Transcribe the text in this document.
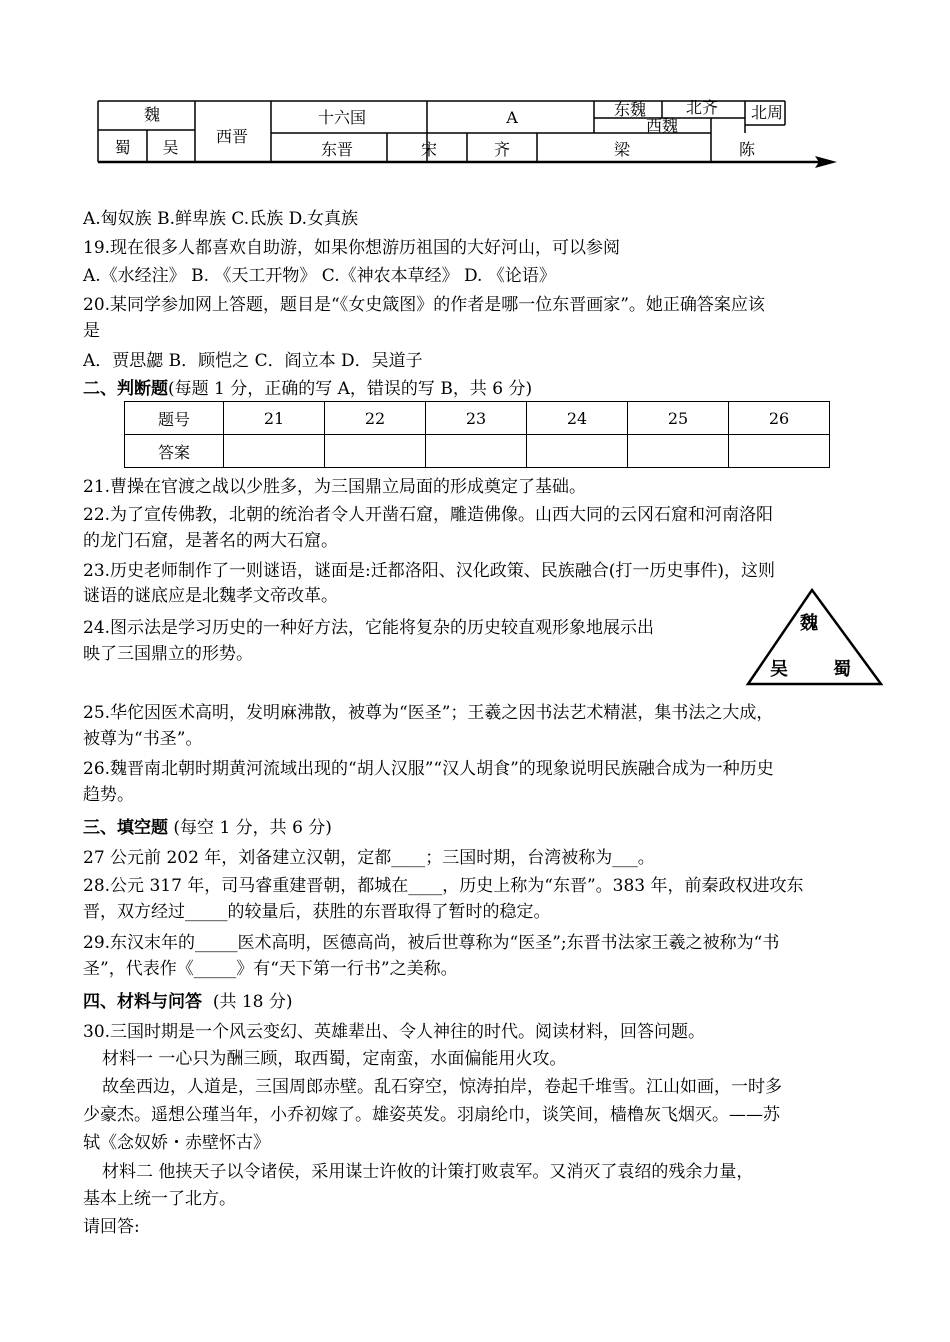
魏
西晋
十六国	A	东魏	北齐	北周
西魏
蜀	吴	东晋	宋	齐	梁	陈
A.匈奴族 B.鲜卑族 C.氐族 D.女真族
19.现在很多人都喜欢自助游，如果你想游历祖国的大好河山，可以参阅
A.《水经注》 B. 《天工开物》 C.《神农本草经》 D. 《论语》
20.某同学参加网上答题，题目是“《女史箴图》的作者是哪一位东晋画家”。她正确答案应该
是
A．贾思勰 B．顾恺之 C．阎立本 D．吴道子
二、判断题(每题 1 分，正确的写 A，错误的写 B，共 6 分)
题号	21	22	23	24	25	26
答案						
21.曹操在官渡之战以少胜多，为三国鼎立局面的形成奠定了基础。
22.为了宣传佛教，北朝的统治者令人开凿石窟，雕造佛像。山西大同的云冈石窟和河南洛阳
的龙门石窟，是著名的两大石窟。
23.历史老师制作了一则谜语，谜面是:迁都洛阳、汉化政策、民族融合(打一历史事件)，这则
谜语的谜底应是北魏孝文帝改革。
24.图示法是学习历史的一种好方法，它能将复杂的历史较直观形象地展示出
映了三国鼎立的形势。
魏
吴	蜀
25.华佗因医术高明，发明麻沸散，被尊为“医圣”；王羲之因书法艺术精湛，集书法之大成，
被尊为“书圣”。
26.魏晋南北朝时期黄河流域出现的“胡人汉服”“汉人胡食”的现象说明民族融合成为一种历史
趋势。
三、填空题 (每空 1 分，共 6 分)
27 公元前 202 年，刘备建立汉朝，定都____；三国时期，台湾被称为___。
28.公元 317 年，司马睿重建晋朝，都城在____，历史上称为“东晋”。383 年，前秦政权进攻东
晋，双方经过_____的较量后，获胜的东晋取得了暂时的稳定。
29.东汉末年的_____医术高明，医德高尚，被后世尊称为“医圣”;东晋书法家王羲之被称为“书
圣”，代表作《_____》有“天下第一行书”之美称。
四、材料与问答 (共 18 分)
30.三国时期是一个风云变幻、英雄辈出、令人神往的时代。阅读材料，回答问题。
材料一 一心只为酬三顾，取西蜀，定南蛮，水面偏能用火攻。
故垒西边，人道是，三国周郎赤壁。乱石穿空，惊涛拍岸，卷起千堆雪。江山如画，一时多
少豪杰。遥想公瑾当年，小乔初嫁了。雄姿英发。羽扇纶巾，谈笑间，樯橹灰飞烟灭。——苏
轼《念奴娇・赤壁怀古》
材料二 他挟天子以令诸侯，采用谋士许攸的计策打败袁军。又消灭了袁绍的残余力量，
基本上统一了北方。
请回答:
